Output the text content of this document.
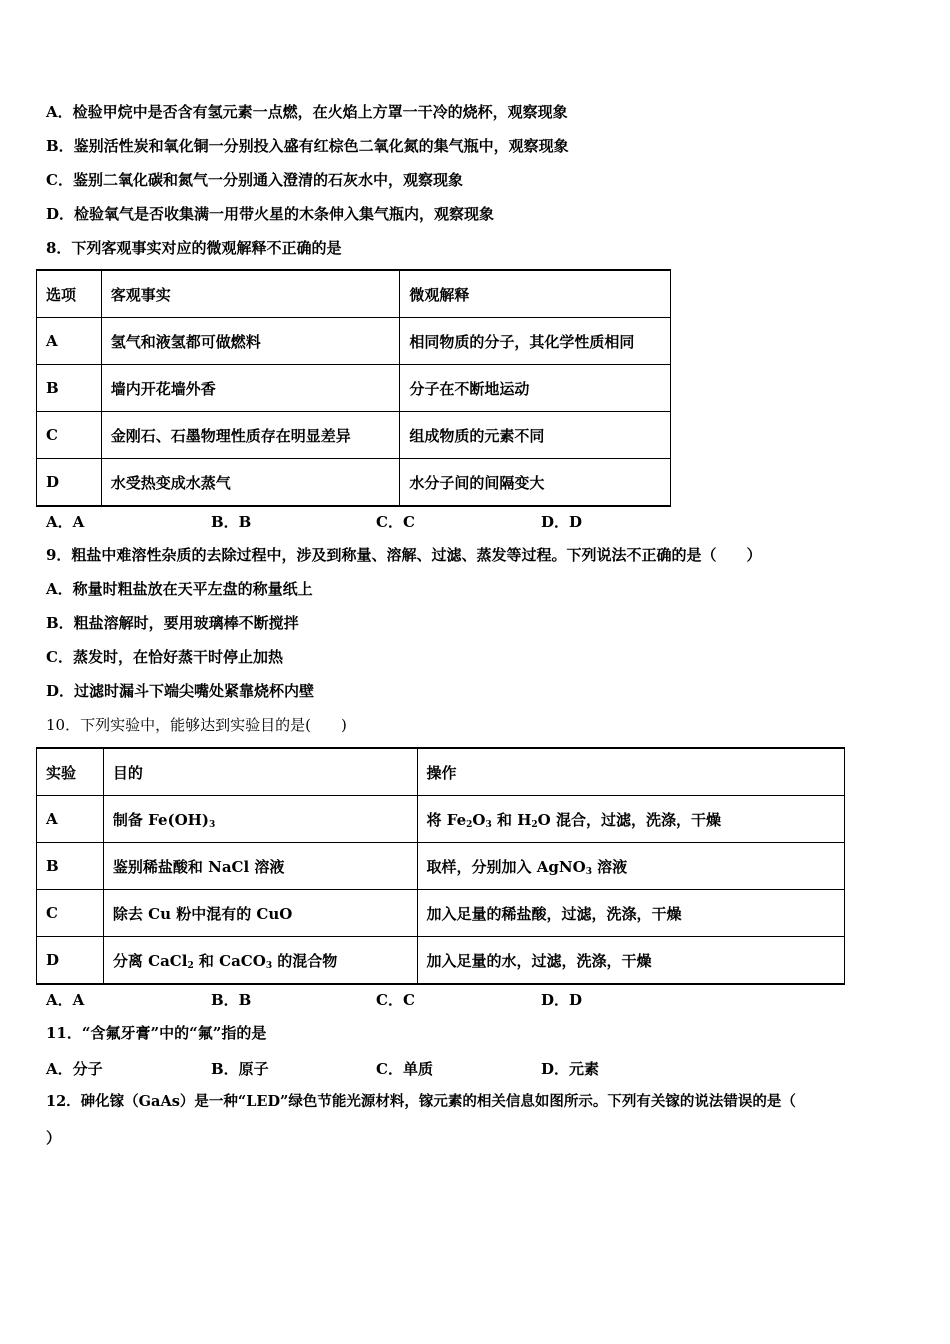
A．检验甲烷中是否含有氢元素一点燃，在火焰上方罩一干冷的烧杯，观察现象
B．鉴别活性炭和氧化铜一分别投入盛有红棕色二氧化氮的集气瓶中，观察现象
C．鉴别二氧化碳和氮气一分别通入澄清的石灰水中，观察现象
D．检验氧气是否收集满一用带火星的木条伸入集气瓶内，观察现象
8．下列客观事实对应的微观解释不正确的是
选项	客观事实	微观解释
A	氢气和液氢都可做燃料	相同物质的分子，其化学性质相同
B	墙内开花墙外香	分子在不断地运动
C	金刚石、石墨物理性质存在明显差异	组成物质的元素不同
D	水受热变成水蒸气	水分子间的间隔变大
A．A	B．B	C．C	D．D
9．粗盐中难溶性杂质的去除过程中，涉及到称量、溶解、过滤、蒸发等过程。下列说法不正确的是（　　）
A．称量时粗盐放在天平左盘的称量纸上
B．粗盐溶解时，要用玻璃棒不断搅拌
C．蒸发时，在恰好蒸干时停止加热
D．过滤时漏斗下端尖嘴处紧靠烧杯内壁
10．下列实验中，能够达到实验目的是(　　)
实验	目的	操作
A	制备 $Fe(OH)_3$	将 $Fe_2O_3$ 和 $H_2O$ 混合，过滤，洗涤，干燥
B	鉴别稀盐酸和 NaCl 溶液	取样，分别加入 AgNO$_3$ 溶液
C	除去 Cu 粉中混有的 CuO	加入足量的稀盐酸，过滤，洗涤，干燥
D	分离 CaCl$_2$ 和 CaCO$_3$ 的混合物	加入足量的水，过滤，洗涤，干燥
A．A	B．B	C．C	D．D
11．“含氟牙膏”中的“氟”指的是
A．分子	B．原子	C．单质	D．元素
12．砷化镓（GaAs）是一种“LED”绿色节能光源材料，镓元素的相关信息如图所示。下列有关镓的说法错误的是（
）
